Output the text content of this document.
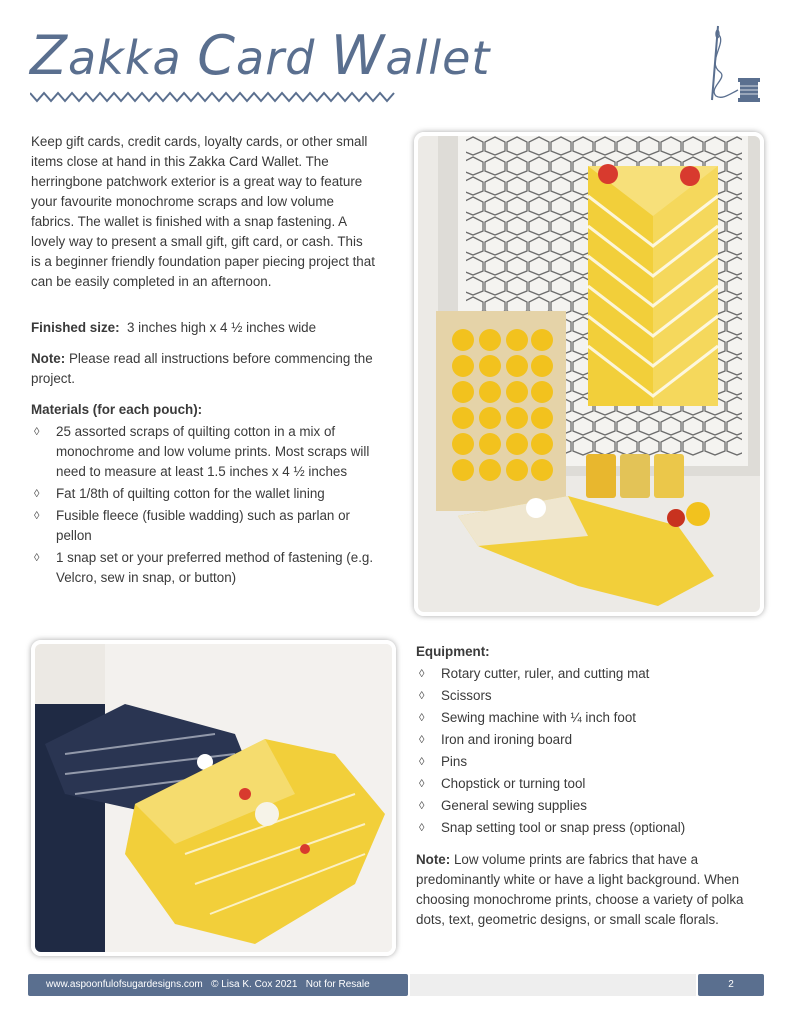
Zakka Card Wallet

Keep gift cards, credit cards, loyalty cards, or other small items close at hand in this Zakka Card Wallet. The herringbone patchwork exterior is a great way to feature your favourite monochrome scraps and low volume fabrics. The wallet is finished with a snap fastening. A lovely way to present a small gift, gift card, or cash. This is a beginner friendly foundation paper piecing project that can be easily completed in an afternoon.

Finished size: 3 inches high x 4 ½ inches wide

Note: Please read all instructions before commencing the project.

Materials (for each pouch):

◊ 25 assorted scraps of quilting cotton in a mix of monochrome and low volume prints. Most scraps will need to measure at least 1.5 inches x 4 ½ inches
◊ Fat 1/8th of quilting cotton for the wallet lining
◊ Fusible fleece (fusible wadding) such as parlan or pellon
◊ 1 snap set or your preferred method of fastening (e.g. Velcro, sew in snap, or button)

Equipment:

◊ Rotary cutter, ruler, and cutting mat
◊ Scissors
◊ Sewing machine with ¼ inch foot
◊ Iron and ironing board
◊ Pins
◊ Chopstick or turning tool
◊ General sewing supplies
◊ Snap setting tool or snap press (optional)

Note: Low volume prints are fabrics that have a predominantly white or have a light background. When choosing monochrome prints, choose a variety of polka dots, text, geometric designs, or small scale florals.

www.aspoonfulofsugardesigns.com   © Lisa K. Cox 2021   Not for Resale	2
